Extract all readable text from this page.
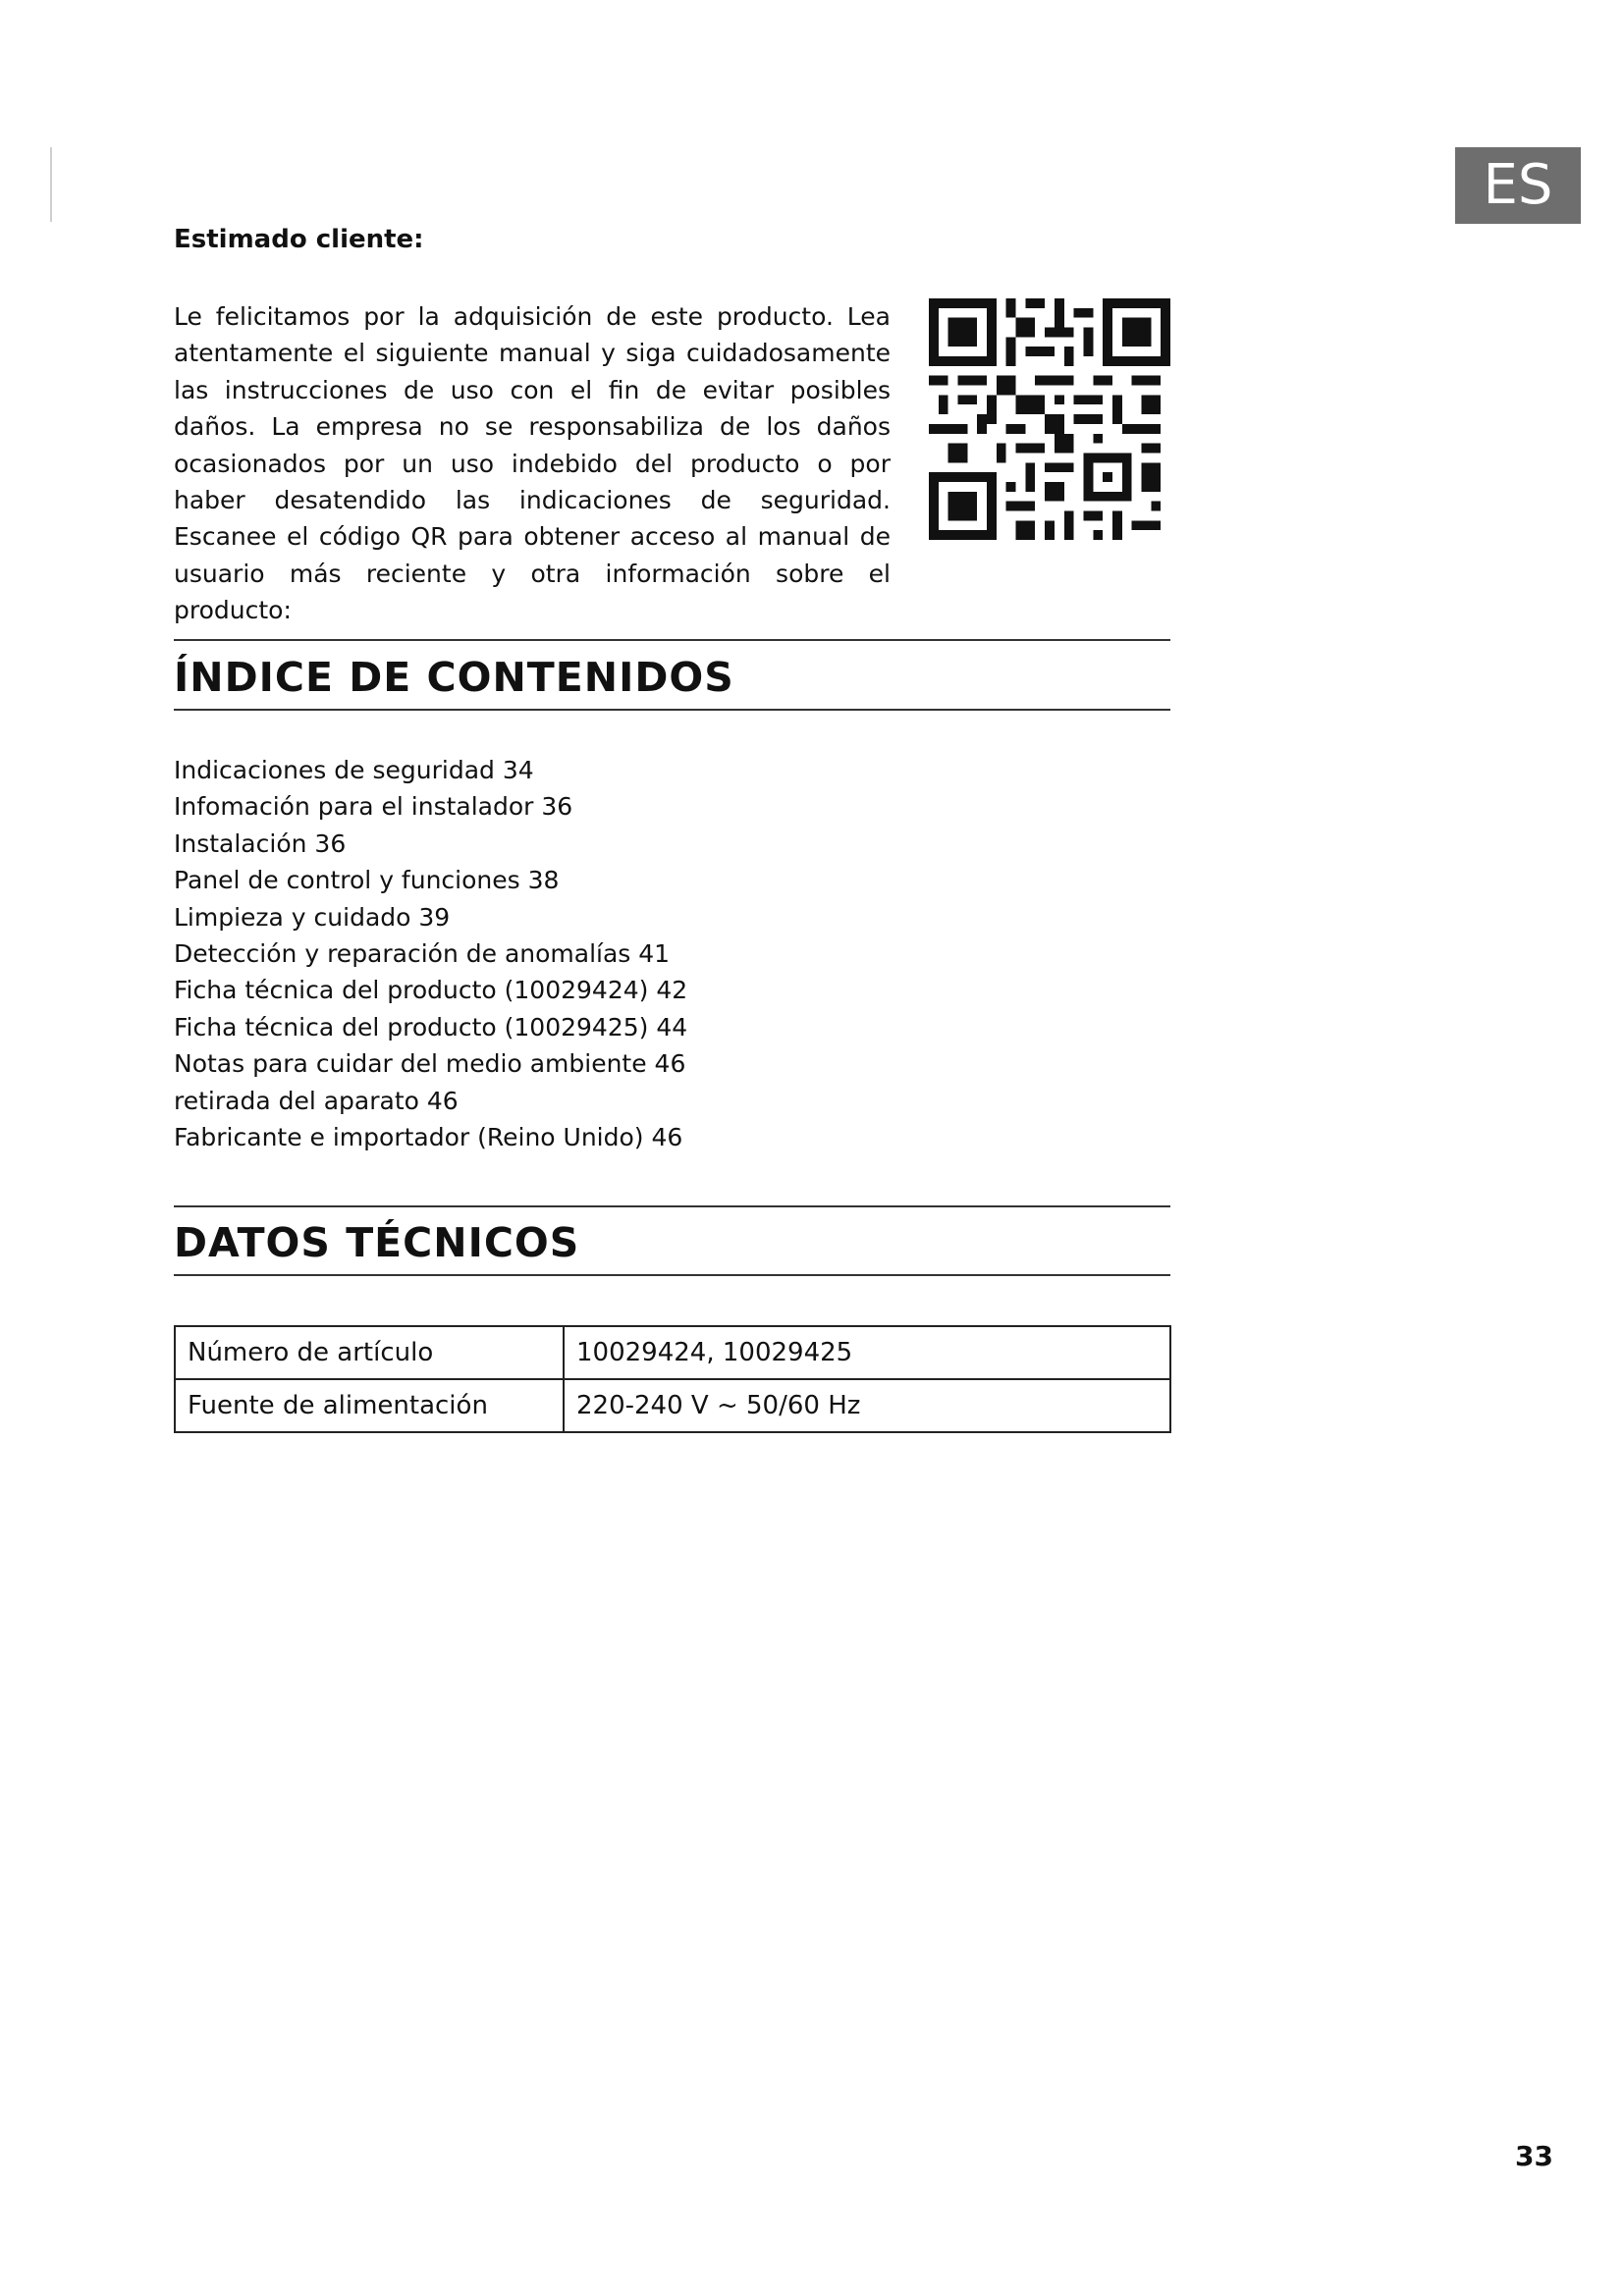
ES
Estimado cliente:

Le felicitamos por la adquisición de este producto. Lea atentamente el siguiente manual y siga cuidadosamente las instrucciones de uso con el fin de evitar posibles daños. La empresa no se responsabiliza de los daños ocasionados por un uso indebido del producto o por haber desatendido las indicaciones de seguridad. Escanee el código QR para obtener acceso al manual de usuario más reciente y otra información sobre el producto:

ÍNDICE DE CONTENIDOS
Indicaciones de seguridad 34
Infomación para el instalador 36
Instalación 36
Panel de control y funciones 38
Limpieza y cuidado 39
Detección y reparación de anomalías 41
Ficha técnica del producto (10029424) 42
Ficha técnica del producto (10029425) 44
Notas para cuidar del medio ambiente 46
retirada del aparato 46
Fabricante e importador (Reino Unido) 46
DATOS TÉCNICOS
Número de artículo	10029424, 10029425
Fuente de alimentación	220-240 V ~ 50/60 Hz
33
